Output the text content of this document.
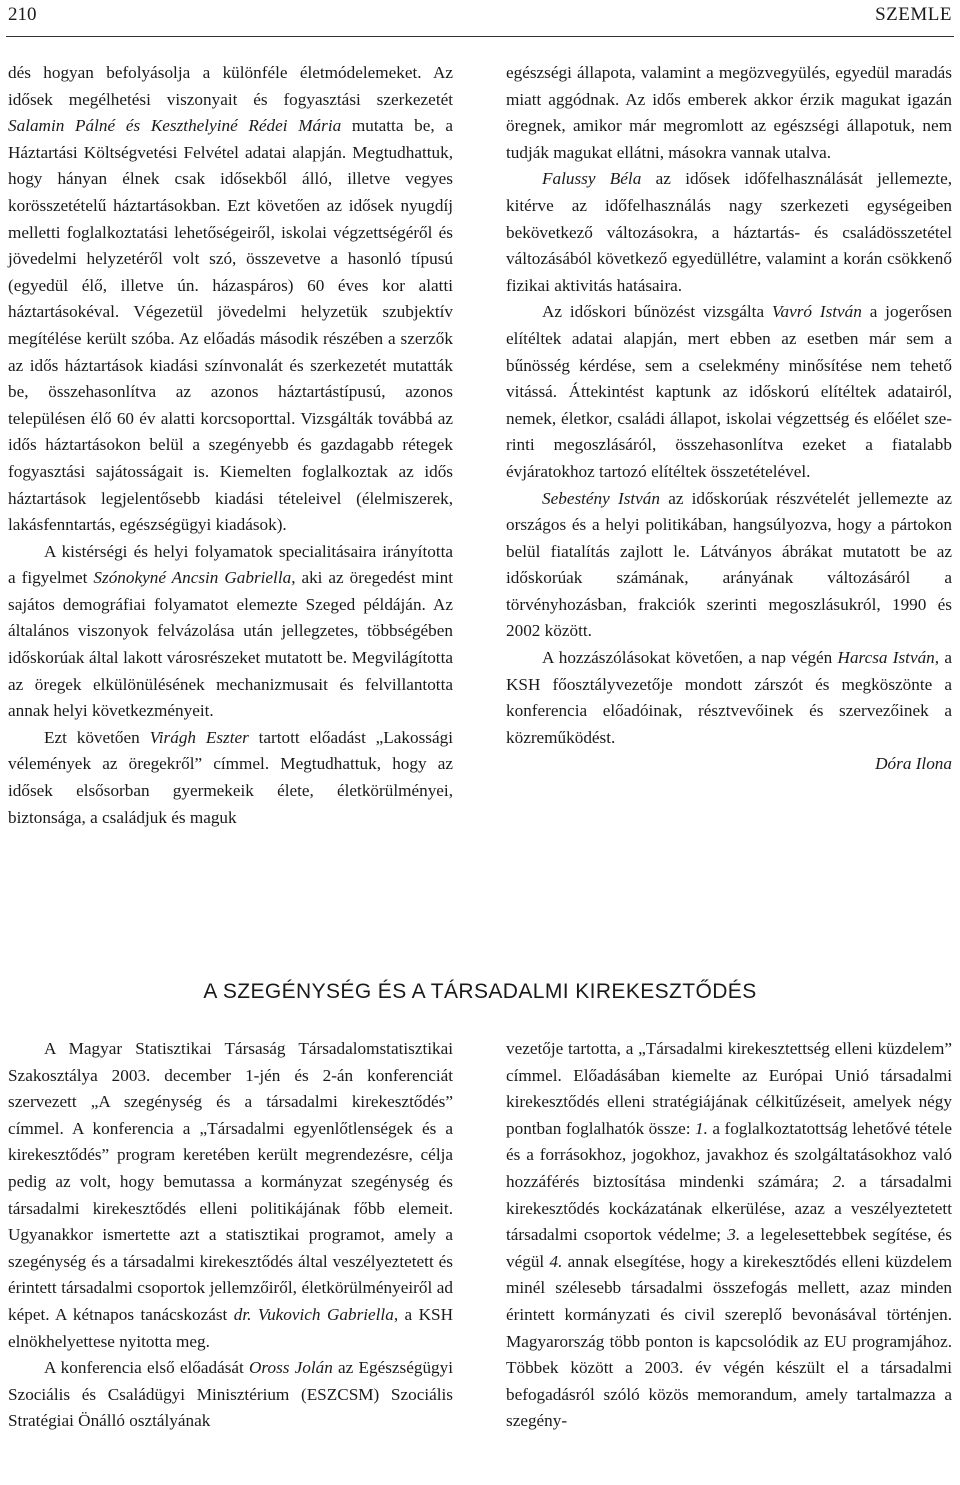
210	SZEMLE

dés hogyan befolyásolja a különféle életmódelemeket. Az idősek megélhetési viszonyait és fogyasztási szerkezetét Salamin Pálné és Keszthelyiné Rédei Mária mutatta be, a Háztartási Költségvetési Felvétel adatai alapján. Megtudhattuk, hogy hányan élnek csak idősekből álló, illetve vegyes korösszetételű háztartásokban. Ezt követően az idősek nyugdíj melletti foglalkoztatási lehetőségeiről, iskolai végzettségéről és jövedelmi helyzetéről volt szó, összevetve a hasonló típusú (egyedül élő, illetve ún. házaspáros) 60 éves kor alatti háztartásokéval. Végezetül jövedelmi helyzetük szubjektív megítélése került szóba. Az előadás második részében a szerzők az idős háztartások kiadási színvonalát és szerkezetét mutatták be, összehasonlítva az azonos háztartástípusú, azonos településen élő 60 év alatti korcsoporttal. Vizsgálták továbbá az idős háztartásokon belül a szegényebb és gazdagabb rétegek fogyasztási sajátosságait is. Kiemelten foglalkoztak az idős háztartások legjelentősebb kiadási tételeivel (élelmiszerek, lakásfenntartás, egészségügyi kiadások).

A kistérségi és helyi folyamatok specialitásaira irányította a figyelmet Szónokyné Ancsin Gabriella, aki az öregedést mint sajátos demográfiai folyamatot elemezte Szeged példáján. Az általános viszonyok felvázolása után jellegzetes, többségében időskorúak által lakott városrészeket mutatott be. Megvilágította az öregek elkülönülésének mechanizmusait és felvillantotta annak helyi következményeit.

Ezt követően Virágh Eszter tartott előadást „Lakossági vélemények az öregekről” címmel. Megtudhattuk, hogy az idősek elsősorban gyermekeik élete, életkörülményei, biztonsága, a családjuk és maguk

egészségi állapota, valamint a megözvegyülés, egyedül maradás miatt aggódnak. Az idős emberek akkor érzik magukat igazán öregnek, amikor már megromlott az egészségi állapotuk, nem tudják magukat ellátni, másokra vannak utalva.

Falussy Béla az idősek időfelhasználását jellemezte, kitérve az időfelhasználás nagy szerkezeti egységeiben bekövetkező változásokra, a háztartás- és családösszetétel változásából következő egyedüllétre, valamint a korán csökkenő fizikai aktivitás hatásaira.

Az időskori bűnözést vizsgálta Vavró István a jogerősen elítéltek adatai alapján, mert ebben az esetben már sem a bűnösség kérdése, sem a cselekmény minősítése nem tehető vitássá. Áttekintést kaptunk az időskorú elítéltek adatairól, nemek, életkor, családi állapot, iskolai végzettség és előélet szerinti megoszlásáról, összehasonlítva ezeket a fiatalabb évjáratokhoz tartozó elítéltek összetételével.

Sebestény István az időskorúak részvételét jellemezte az országos és a helyi politikában, hangsúlyozva, hogy a pártokon belül fiatalítás zajlott le. Látványos ábrákat mutatott be az időskorúak számának, arányának változásáról a törvényhozásban, frakciók szerinti megoszlásukról, 1990 és 2002 között.

A hozzászólásokat követően, a nap végén Harcsa István, a KSH főosztályvezetője mondott zárszót és megköszönte a konferencia előadóinak, résztvevőinek és szervezőinek a közreműködést.

Dóra Ilona

A SZEGÉNYSÉG ÉS A TÁRSADALMI KIREKESZTŐDÉS

A Magyar Statisztikai Társaság Társadalomstatisztikai Szakosztálya 2003. december 1-jén és 2-án konferenciát szervezett „A szegénység és a társadalmi kirekesztődés” címmel. A konferencia a „Társadalmi egyenlőtlenségek és a kirekesztődés” program keretében került megrendezésre, célja pedig az volt, hogy bemutassa a kormányzat szegénység és társadalmi kirekesztődés elleni politikájának főbb elemeit. Ugyanakkor ismertette azt a statisztikai programot, amely a szegénység és a társadalmi kirekesztődés által veszélyeztetett és érintett társadalmi csoportok jellemzőiről, életkörülményeiről ad képet. A kétnapos tanácskozást dr. Vukovich Gabriella, a KSH elnökhelyettese nyitotta meg.

A konferencia első előadását Oross Jolán az Egészségügyi Szociális és Családügyi Minisztérium (ESZCSM) Szociális Stratégiai Önálló osztályának

vezetője tartotta, a „Társadalmi kirekesztettség elleni küzdelem” címmel. Előadásában kiemelte az Európai Unió társadalmi kirekesztődés elleni stratégiájának célkitűzéseit, amelyek négy pontban foglalhatók össze: 1. a foglalkoztatottság lehetővé tétele és a forrásokhoz, jogokhoz, javakhoz és szolgáltatásokhoz való hozzáférés biztosítása mindenki számára; 2. a társadalmi kirekesztődés kockázatának elkerülése, azaz a veszélyeztetett társadalmi csoportok védelme; 3. a legelesettebbek segítése, és végül 4. annak elsegítése, hogy a kirekesztődés elleni küzdelem minél szélesebb társadalmi összefogás mellett, azaz minden érintett kormányzati és civil szereplő bevonásával történjen. Magyarország több ponton is kapcsolódik az EU programjához. Többek között a 2003. év végén készült el a társadalmi befogadásról szóló közös memorandum, amely tartalmazza a szegény-
